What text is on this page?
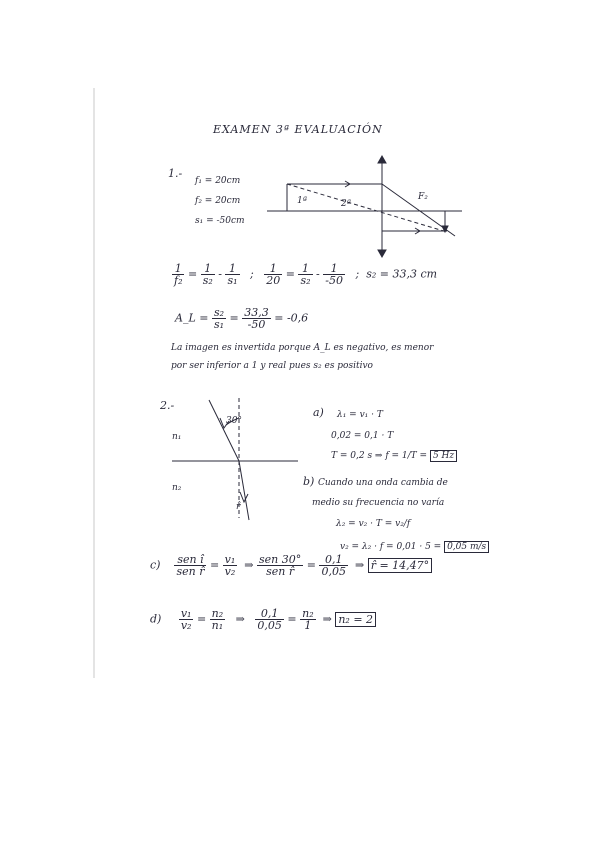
EXAMEN 3ª EVALUACIÓN
1.-
f₁ = 20cm
f₂ = 20cm
s₁ = -50cm
1ª	2ª
F₂
$\frac{1}{\text{f₂}} = \frac{1}{\text{s₂}} - \frac{1}{\text{s₁}}$ ; $\frac{1}{20} = \frac{1}{\text{s₂}} - \frac{1}{-50}$ ; s₂ = 33,3 cm
A_L = $\frac{\text{s₂}}{\text{s₁}} = \frac{33,3}{-50} = -0,6$
La imagen es invertida porque A_L es negativo, es menor
por ser inferior a 1 y real pues s₂ es positivo
2.-
n₁
n₂
30°
r̂
a) λ₁ = v₁ · T
0,02 = 0,1 · T
T = 0,2 s ⇒ f = 1/T = 5 Hz
b) Cuando una onda cambia de
medio su frecuencia no varía
λ₂ = v₂ · T = v₂/f
v₂ = λ₂ · f = 0,01 · 5 = 0,05 m/s
$c) \frac{\text{sen î}}{\text{sen r̂}} = \frac{\text{v₁}}{\text{v₂}}$ ⇒ $\frac{\text{sen 30°}}{\text{sen r̂}} = \frac{0,1}{0,05}$ ⇒ r̂ = 14,47°
$d) \frac{\text{v₁}}{\text{v₂}} = \frac{\text{n₂}}{\text{n₁}}$ ⇒ $\frac{0,1}{0,05} = \frac{\text{n₂}}{1}$ ⇒ n₂ = 2
